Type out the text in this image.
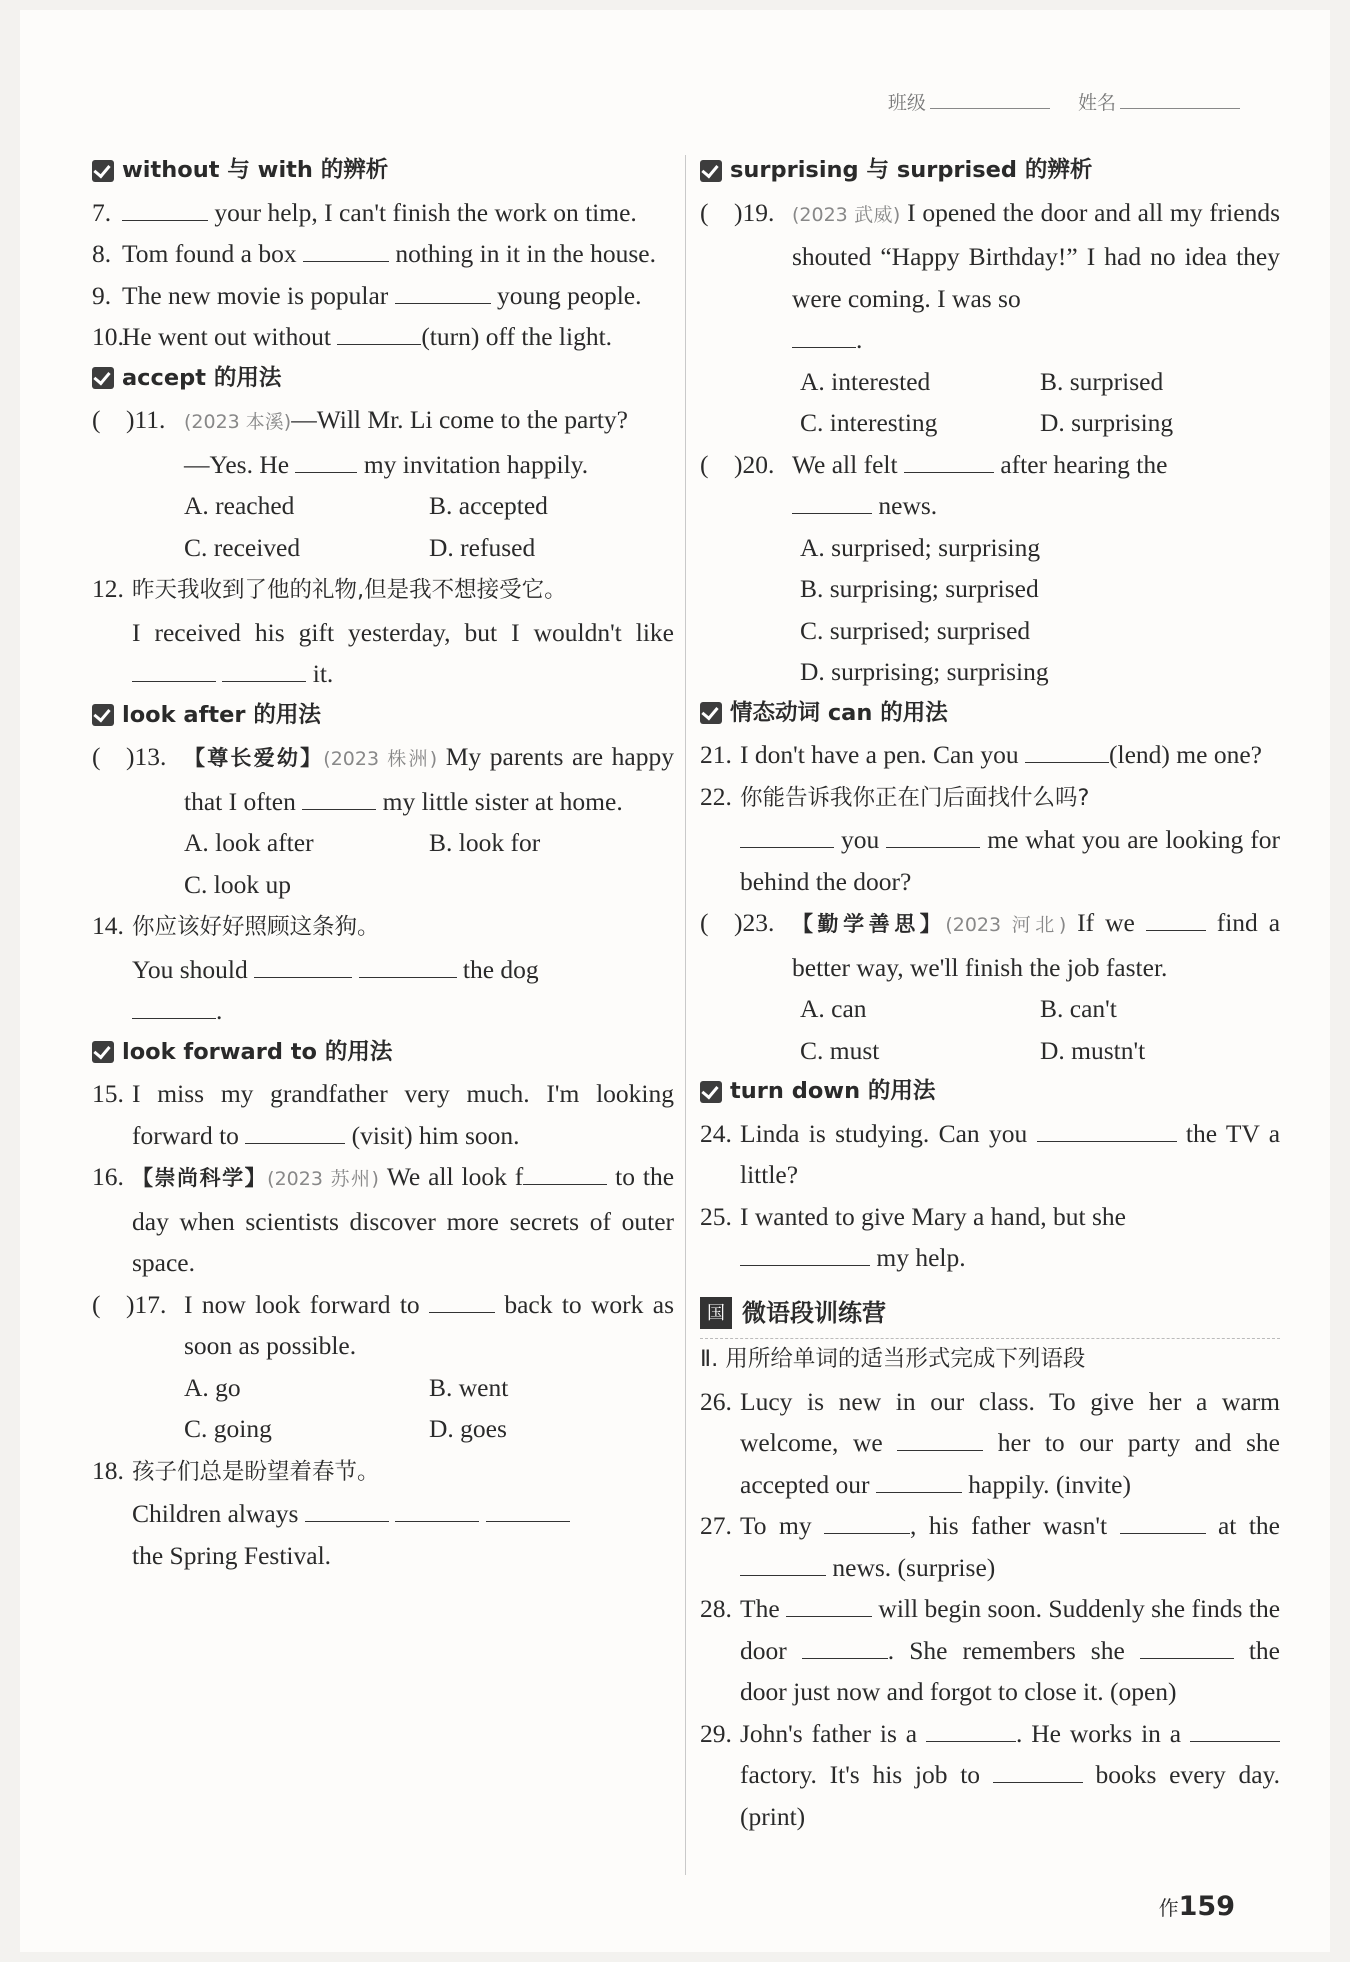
班级	姓名
without 与 with 的辨析
7.	your help, I can't finish the work on time.
8. Tom found a box	nothing in it in the house.
9. The new movie is popular	young people.
10.
He went out without	(turn) off the light.
accept 的用法
(    )11. (2023 本溪)—Will Mr. Li come to the party?
—Yes. He	my invitation happily.
A. reached	B. accepted
C. received	D. refused
12. 昨天我收到了他的礼物,但是我不想接受它。
I received his gift yesterday, but I wouldn't like   it.
look after 的用法
(    )13. 【尊长爱幼】(2023 株洲) My parents are happy that I often	my little sister at home.
A. look after	B. look for
C. look up
14. 你应该好好照顾这条狗。
You should	the dog
.
look forward to 的用法
15. I miss my grandfather very much. I'm looking forward to	(visit) him soon.
16. 【崇尚科学】(2023 苏州) We all look f	to the day when scientists discover more secrets of outer space.
(    )17. I now look forward to	back to work as soon as possible.
A. go	B. went
C. going	D. goes
18. 孩子们总是盼望着春节。
Children always
the Spring Festival.
surprising 与 surprised 的辨析
(    )19. (2023 武威) I opened the door and all my friends shouted “Happy Birthday!” I had no idea they were coming. I was so
.
A. interested	B. surprised
C. interesting	D. surprising
(    )20. We all felt	after hearing the
news.
A. surprised; surprising
B. surprising; surprised
C. surprised; surprised
D. surprising; surprising
情态动词 can 的用法
21. I don't have a pen. Can you	(lend) me one?
22. 你能告诉我你正在门后面找什么吗?
you	me what you are looking for behind the door?
(    )23. 【勤学善思】(2023 河北) If we	find a better way, we'll finish the job faster.
A. can	B. can't
C. must	D. mustn't
turn down 的用法
24. Linda is studying. Can you	the TV a little?
25. I wanted to give Mary a hand, but she
my help.
国 微语段训练营
Ⅱ. 用所给单词的适当形式完成下列语段
26. Lucy is new in our class. To give her a warm welcome, we	her to our party and she accepted our	happily. (invite)
27. To my	, his father wasn't	at the  news. (surprise)
28. The	will begin soon. Suddenly she finds the door	. She remembers she	the door just now and forgot to close it. (open)
29. John's father is a	. He works in a  factory. It's his job to	books every day. (print)
作159
